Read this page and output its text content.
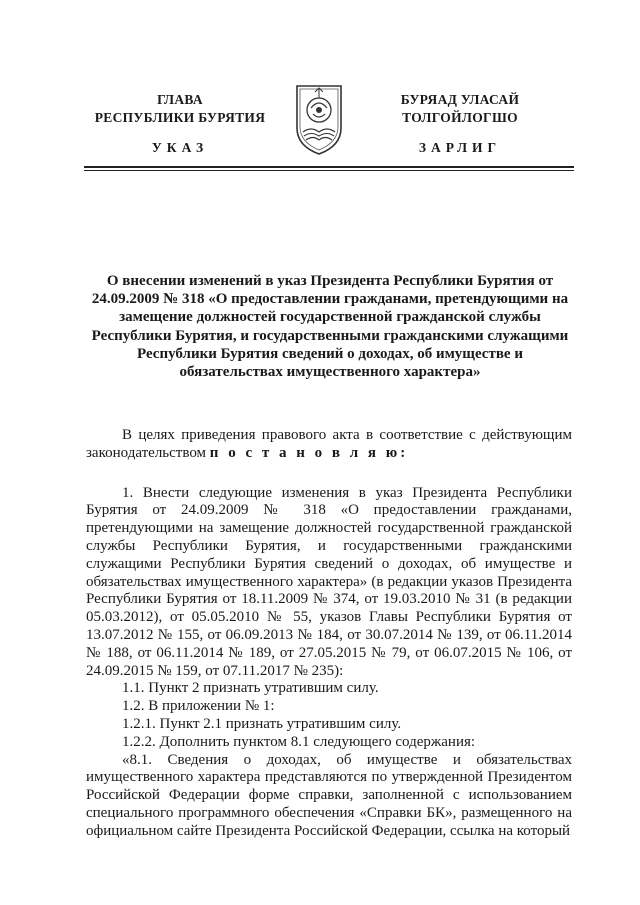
ГЛАВА
РЕСПУБЛИКИ БУРЯТИЯ
БУРЯАД УЛАСАЙ
ТОЛГОЙЛОГШО
УКАЗ	ЗАРЛИГ
О внесении изменений в указ Президента Республики Бурятия от 24.09.2009 № 318 «О предоставлении гражданами, претендующими на замещение должностей государственной гражданской службы Республики Бурятия, и государственными гражданскими служащими Республики Бурятия сведений о доходах, об имуществе и обязательствах имущественного характера»

В целях приведения правового акта в соответствие с действующим законодательством п о с т а н о в л я ю:

1. Внести следующие изменения в указ Президента Республики Бурятия от 24.09.2009 № 318 «О предоставлении гражданами, претендующими на замещение должностей государственной гражданской службы Республики Бурятия, и государственными гражданскими служащими Республики Бурятия сведений о доходах, об имуществе и обязательствах имущественного характера» (в редакции указов Президента Республики Бурятия от 18.11.2009 № 374, от 19.03.2010 № 31 (в редакции 05.03.2012), от 05.05.2010 № 55, указов Главы Республики Бурятия от 13.07.2012 № 155, от 06.09.2013 № 184, от 30.07.2014 № 139, от 06.11.2014 № 188, от 06.11.2014 № 189, от 27.05.2015 № 79, от 06.07.2015 № 106, от 24.09.2015 № 159, от 07.11.2017 № 235):

1.1. Пункт 2 признать утратившим силу.

1.2. В приложении № 1:

1.2.1. Пункт 2.1 признать утратившим силу.

1.2.2. Дополнить пунктом 8.1 следующего содержания:

«8.1. Сведения о доходах, об имуществе и обязательствах имущественного характера представляются по утвержденной Президентом Российской Федерации форме справки, заполненной с использованием специального программного обеспечения «Справки БК», размещенного на официальном сайте Президента Российской Федерации, ссылка на который
